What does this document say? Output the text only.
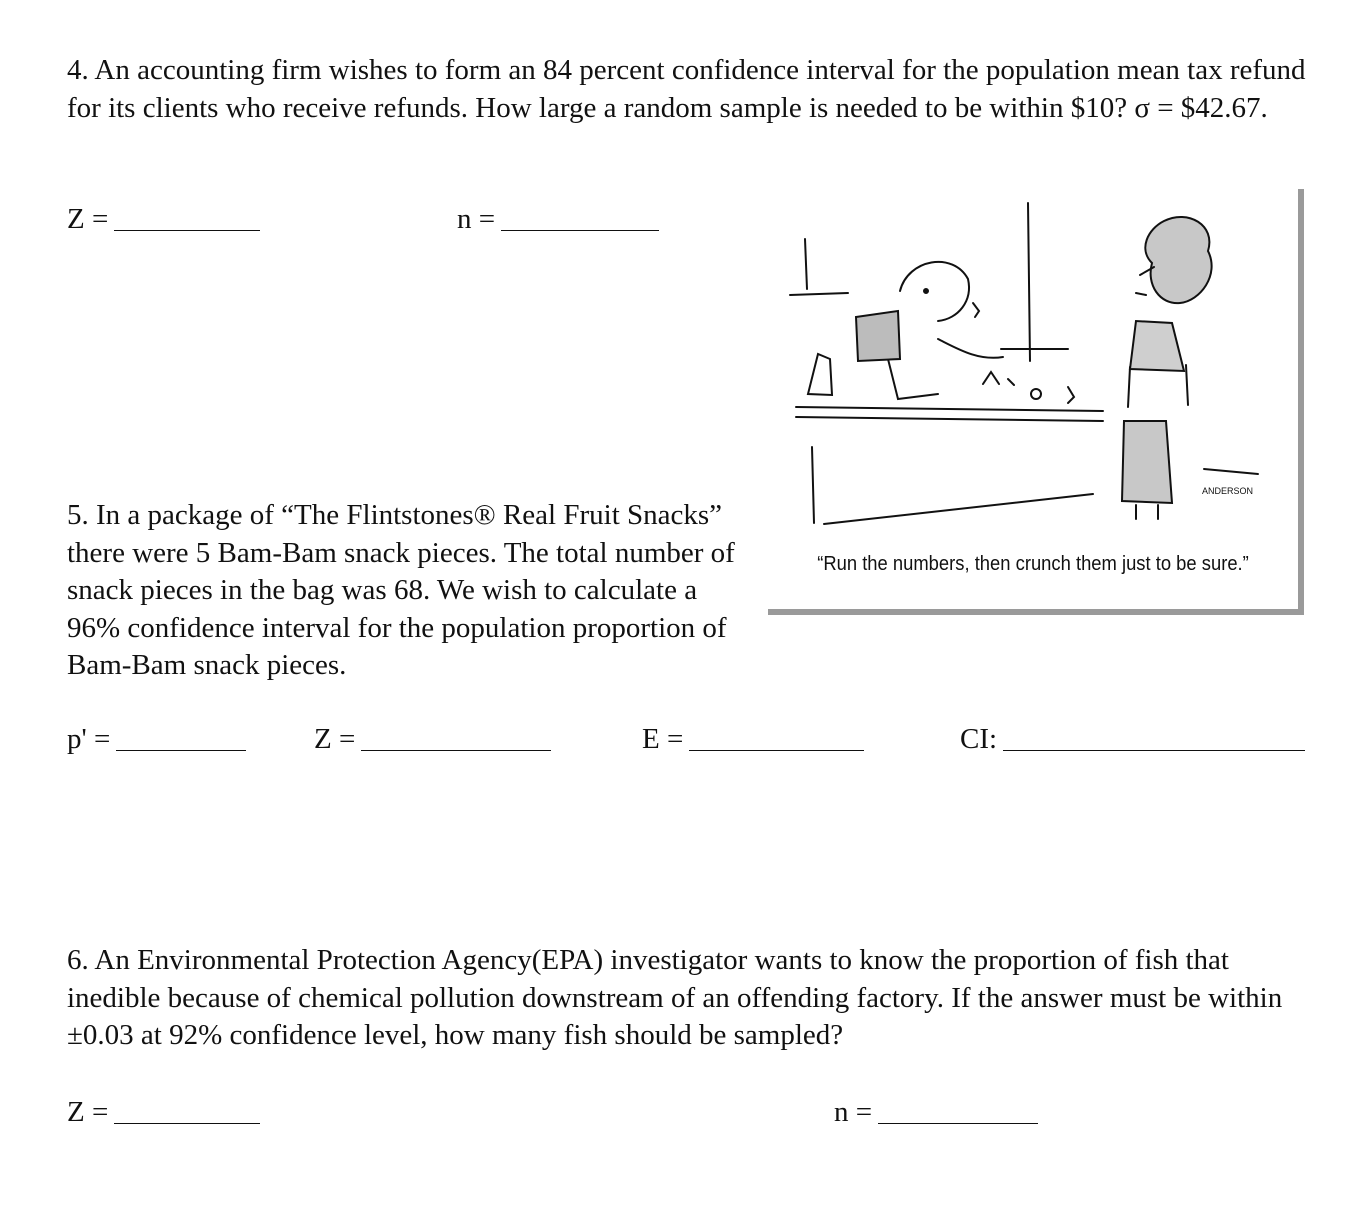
4. An accounting firm wishes to form an 84 percent confidence interval for the population mean tax refund for its clients who receive refunds. How large a random sample is needed to be within $10? σ = $42.67.

Z =	n =
ANDERSON
“Run the numbers, then crunch them just to be sure.”

5. In a package of “The Flintstones® Real Fruit Snacks” there were 5 Bam-Bam snack pieces. The total number of snack pieces in the bag was 68. We wish to calculate a 96% confidence interval for the population proportion of Bam-Bam snack pieces.

p' =	Z =	E =	CI:

6. An Environmental Protection Agency(EPA) investigator wants to know the proportion of fish that inedible because of chemical pollution downstream of an offending factory. If the answer must be within ±0.03 at 92% confidence level, how many fish should be sampled?

Z =	n =
